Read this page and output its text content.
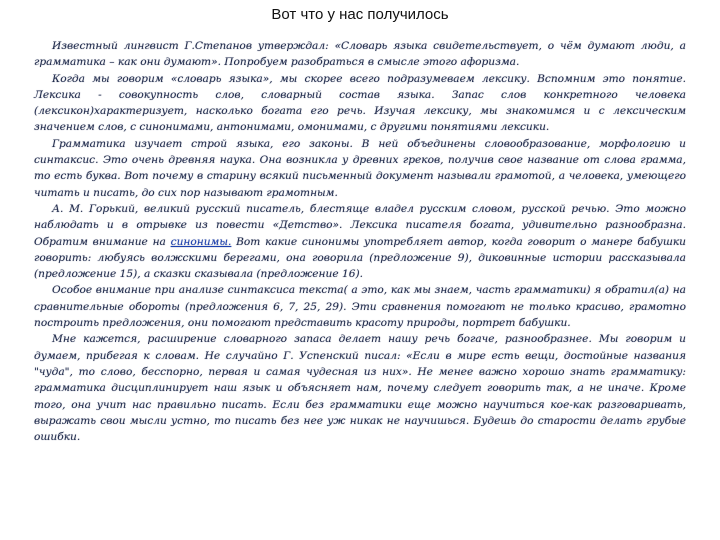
Вот что у нас получилось

Известный лингвист Г.Степанов утверждал: «Словарь языка свидетельствует, о чём думают люди, а грамматика – как они думают». Попробуем разобраться в смысле этого афоризма.

Когда мы говорим «словарь языка», мы скорее всего подразумеваем лексику. Вспомним это понятие. Лексика - совокупность слов, словарный состав языка. Запас слов конкретного человека (лексикон)характеризует, насколько богата его речь. Изучая лексику, мы знакомимся и с лексическим значением слов, с синонимами, антонимами, омонимами, с другими понятиями лексики.

Грамматика изучает строй языка, его законы. В ней объединены словообразование, морфологию и синтаксис. Это очень древняя наука. Она возникла у древних греков, получив свое название от слова грамма, то есть буква. Вот почему в старину всякий письменный документ называли грамотой, а человека, умеющего читать и писать, до сих пор называют грамотным.

А. М. Горький, великий русский писатель, блестяще владел русским словом, русской речью. Это можно наблюдать и в отрывке из повести «Детство». Лексика писателя богата, удивительно разнообразна. Обратим внимание на синонимы. Вот какие синонимы употребляет автор, когда говорит о манере бабушки говорить: любуясь волжскими берегами, она говорила (предложение 9), диковинные истории рассказывала (предложение 15), а сказки сказывала (предложение 16).

Особое внимание при анализе синтаксиса текста( а это, как мы знаем, часть грамматики) я обратил(а) на сравнительные обороты (предложения 6, 7, 25, 29). Эти сравнения помогают не только красиво, грамотно построить предложения, они помогают представить красоту природы, портрет бабушки.

Мне кажется, расширение словарного запаса делает нашу речь богаче, разнообразнее. Мы говорим и думаем, прибегая к словам. Не случайно Г. Успенский писал: «Если в мире есть вещи, достойные названия "чуда", то слово, бесспорно, первая и самая чудесная из них». Не менее важно хорошо знать грамматику: грамматика дисциплинирует наш язык и объясняет нам, почему следует говорить так, а не иначе. Кроме того, она учит нас правильно писать. Если без грамматики еще можно научиться кое-как разговаривать, выражать свои мысли устно, то писать без нее уж никак не научишься. Будешь до старости делать грубые ошибки.
